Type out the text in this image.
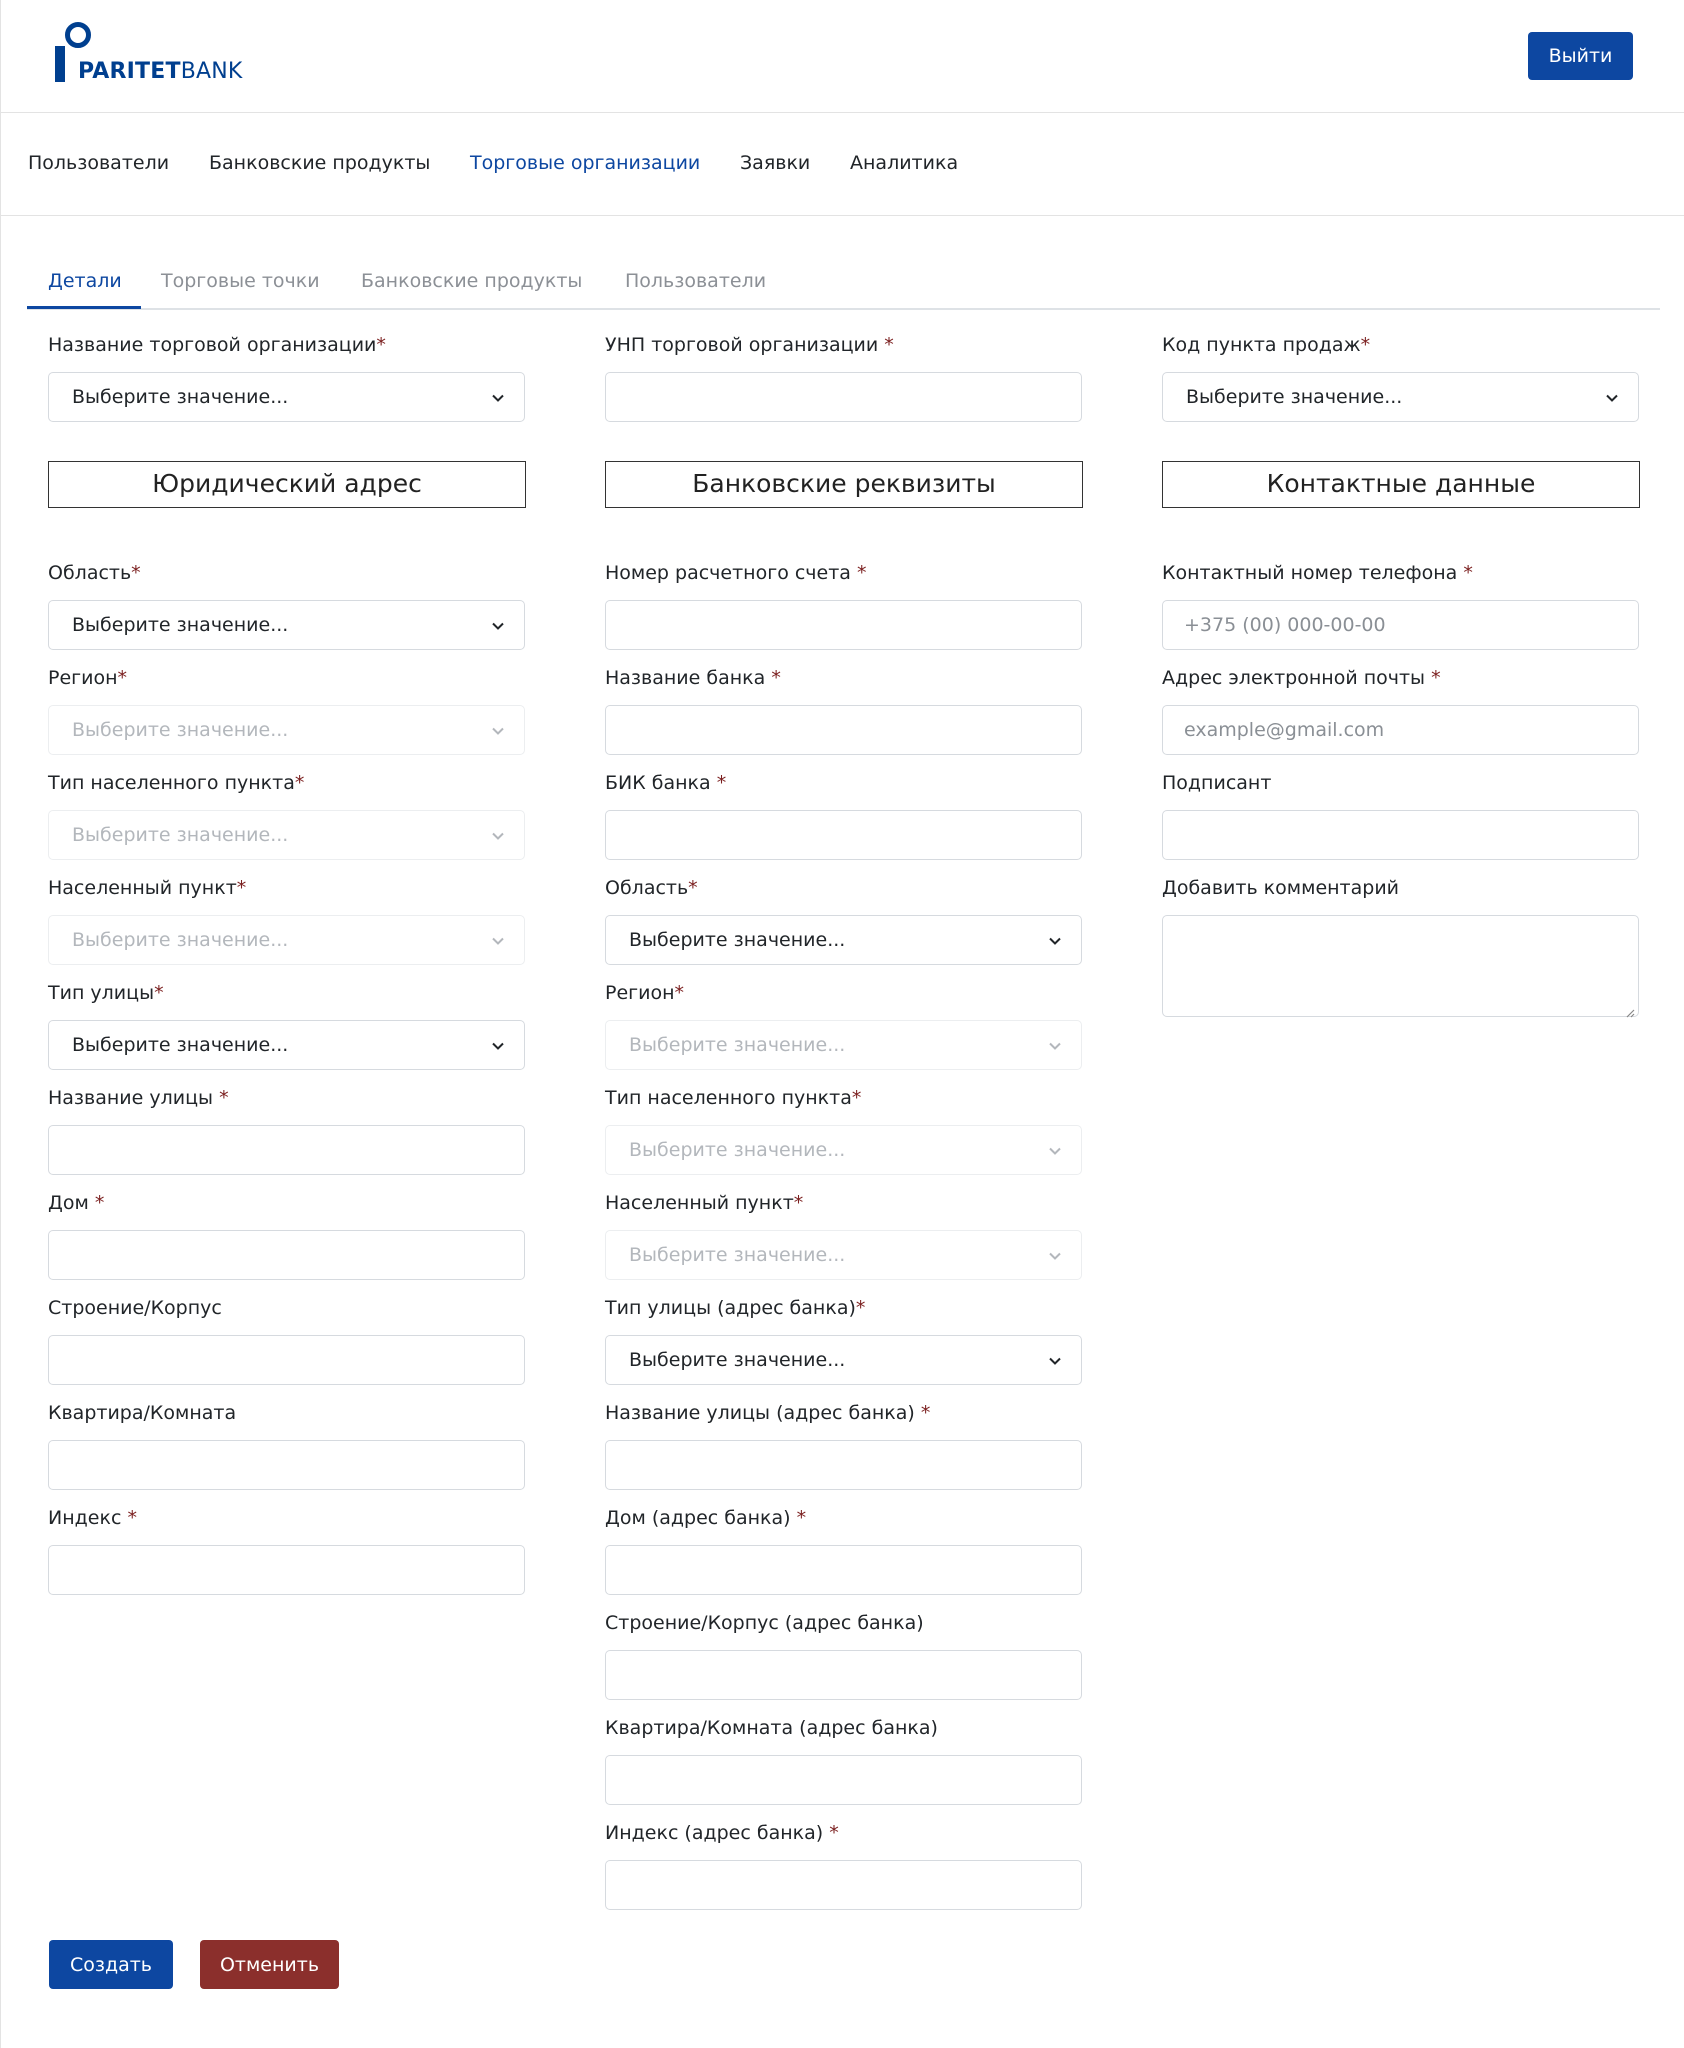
PARITETBANK
Выйти
Пользователи Банковские продукты Торговые организации Заявки Аналитика
Детали Торговые точки Банковские продукты Пользователи
Название торговой организации*
Выберите значение...
УНП торговой организации *	Код пункта продаж*
Выберите значение...
Юридический адрес	Банковские реквизиты	Контактные данные
Область*
Выберите значение...
Регион*
Выберите значение...
Тип населенного пункта*
Выберите значение...
Населенный пункт*
Выберите значение...
Тип улицы*
Выберите значение...
Название улицы *
Дом *
Строение/Корпус
Квартира/Комната
Индекс *
Номер расчетного счета *
Название банка *
БИК банка *
Область*
Выберите значение...
Регион*
Выберите значение...
Тип населенного пункта*
Выберите значение...
Населенный пункт*
Выберите значение...
Тип улицы (адрес банка)*
Выберите значение...
Название улицы (адрес банка) *
Дом (адрес банка) *
Строение/Корпус (адрес банка)
Квартира/Комната (адрес банка)
Индекс (адрес банка) *
Контактный номер телефона *
+375 (00) 000-00-00
Адрес электронной почты *
example@gmail.com
Подписант
Добавить комментарий
Создать	Отменить
